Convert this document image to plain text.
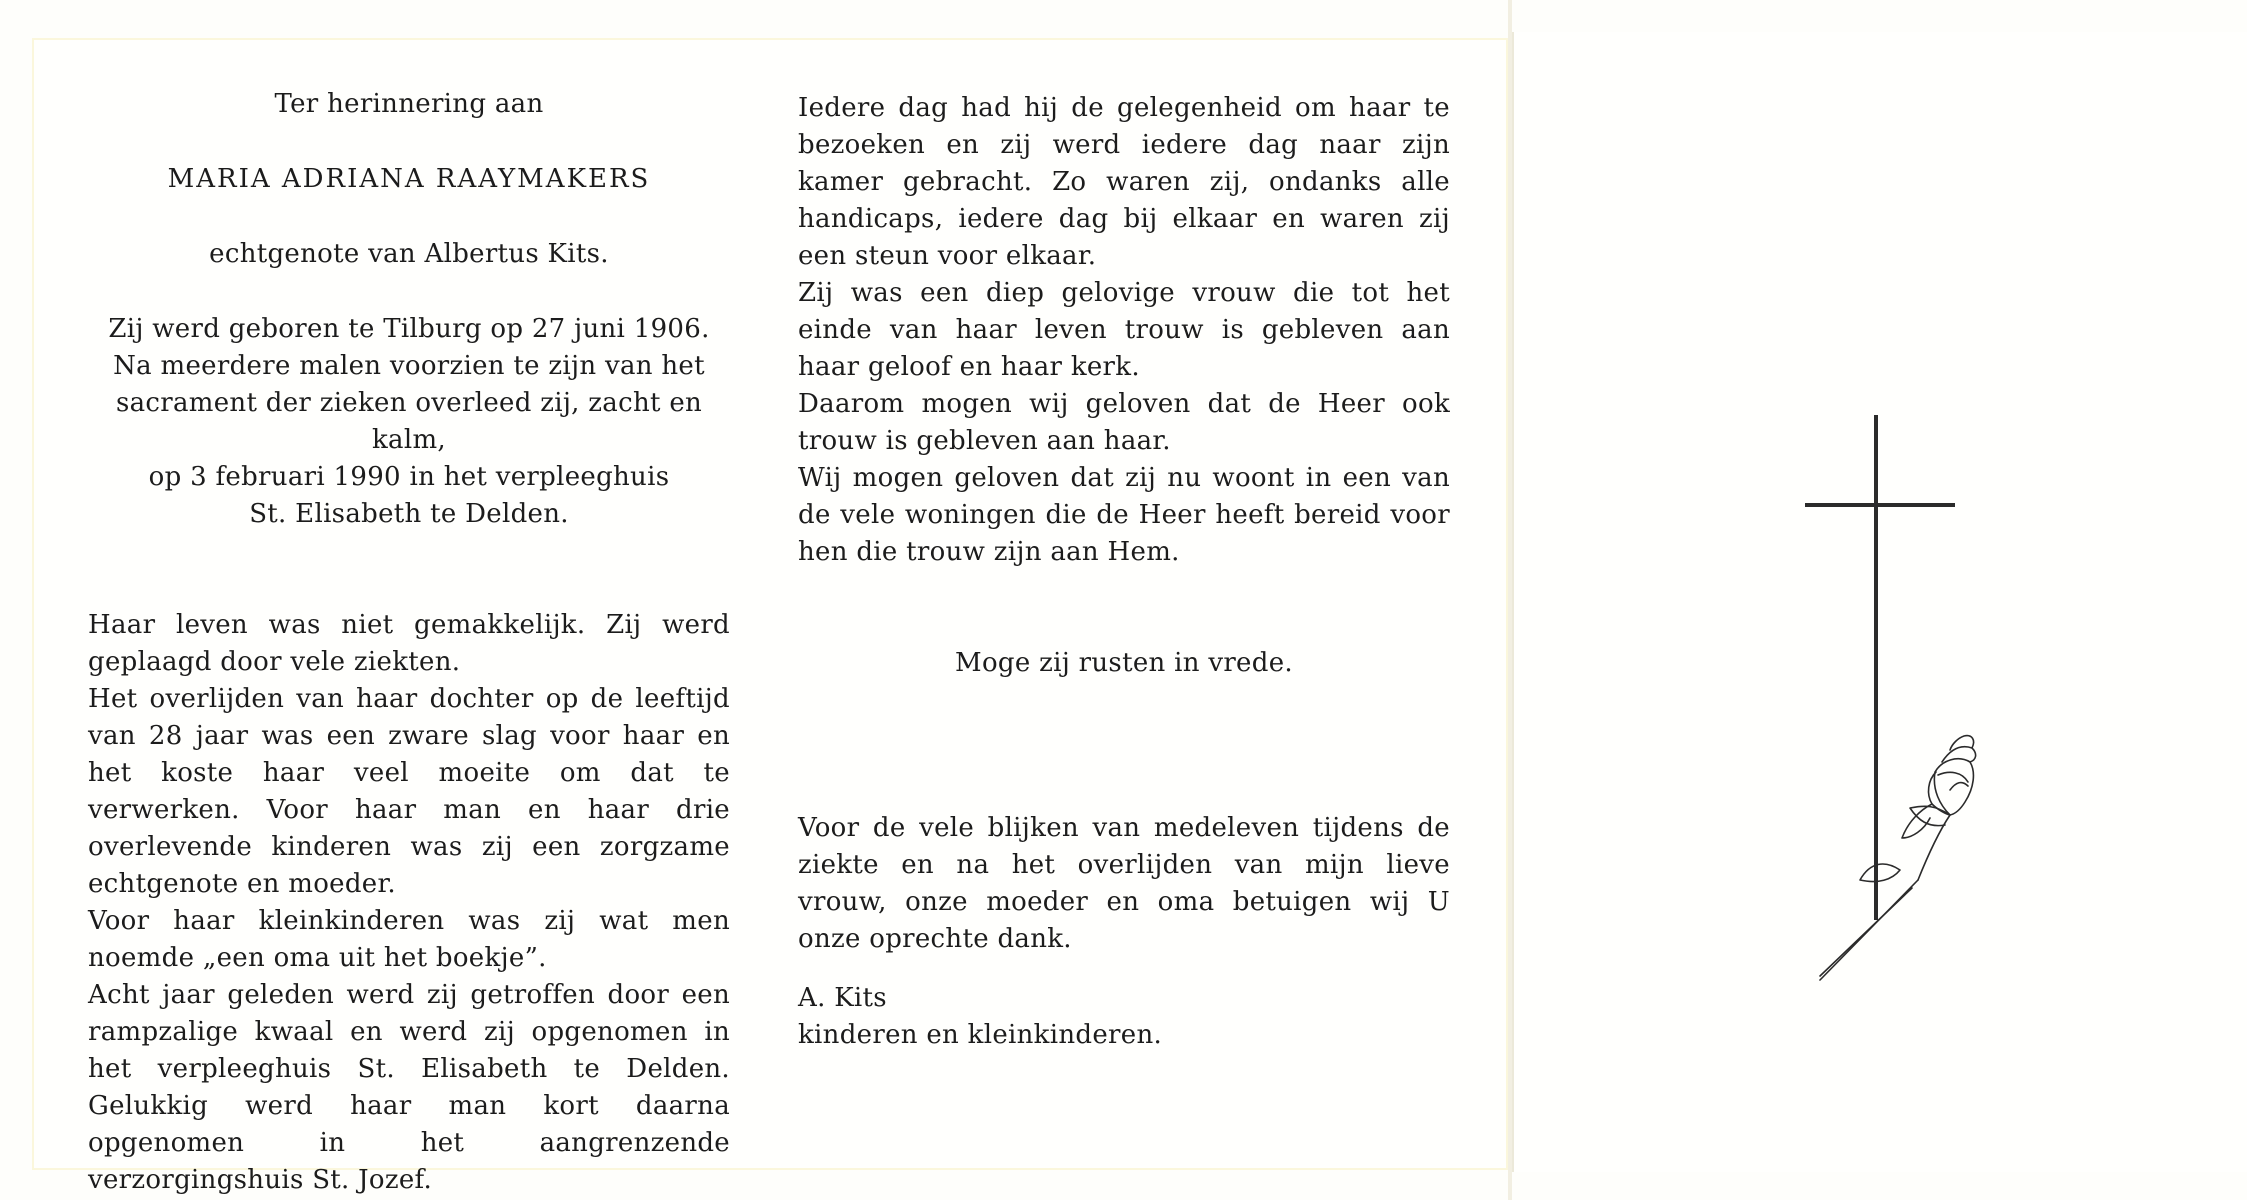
Ter herinnering aan

MARIA ADRIANA RAAYMAKERS

echtgenote van Albertus Kits.

Zij werd geboren te Tilburg op 27 juni 1906.

Na meerdere malen voorzien te zijn van het

sacrament der zieken overleed zij, zacht en kalm,

op 3 februari 1990 in het verpleeghuis

St. Elisabeth te Delden.

Haar leven was niet gemakkelijk. Zij werd geplaagd door vele ziekten.

Het overlijden van haar dochter op de leeftijd van 28 jaar was een zware slag voor haar en het koste haar veel moeite om dat te verwerken. Voor haar man en haar drie overlevende kinderen was zij een zorgzame echtgenote en moeder.

Voor haar kleinkinderen was zij wat men noemde „een oma uit het boekje”.

Acht jaar geleden werd zij getroffen door een rampzalige kwaal en werd zij opgenomen in het verpleeghuis St. Elisabeth te Delden. Gelukkig werd haar man kort daarna opgenomen in het aangrenzende verzorgingshuis St. Jozef.

Iedere dag had hij de gelegenheid om haar te bezoeken en zij werd iedere dag naar zijn kamer gebracht. Zo waren zij, ondanks alle handicaps, iedere dag bij elkaar en waren zij een steun voor elkaar.

Zij was een diep gelovige vrouw die tot het einde van haar leven trouw is gebleven aan haar geloof en haar kerk.

Daarom mogen wij geloven dat de Heer ook trouw is gebleven aan haar.

Wij mogen geloven dat zij nu woont in een van de vele woningen die de Heer heeft bereid voor hen die trouw zijn aan Hem.

Moge zij rusten in vrede.

Voor de vele blijken van medeleven tijdens de ziekte en na het overlijden van mijn lieve vrouw, onze moeder en oma betuigen wij U onze oprechte dank.

A. Kits

kinderen en kleinkinderen.
